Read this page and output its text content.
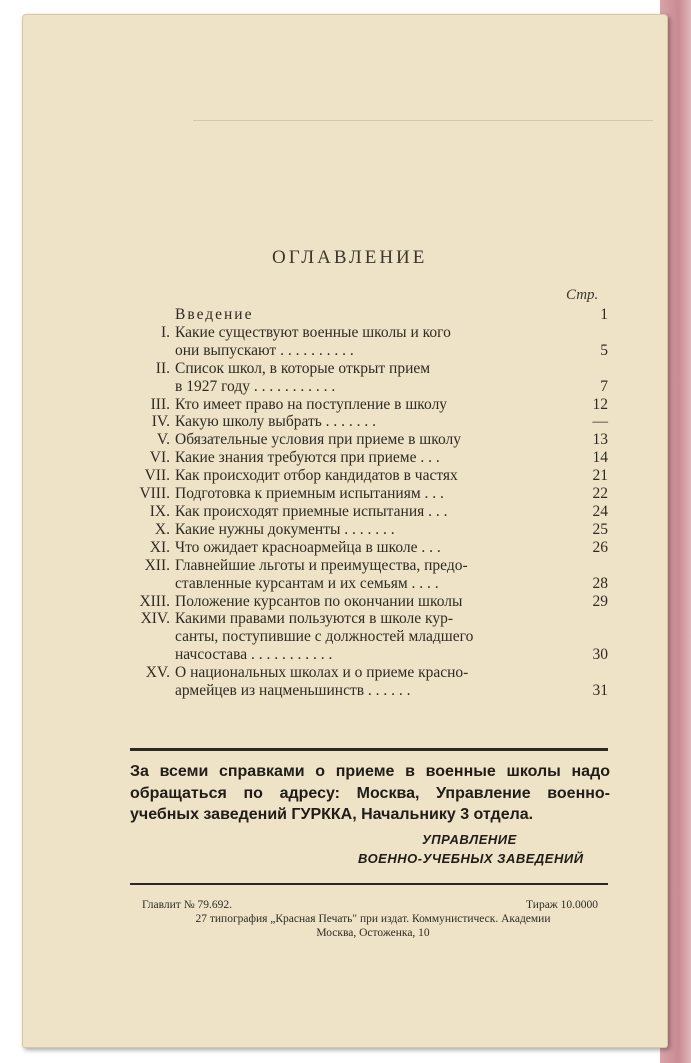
ОГЛАВЛЕНИЕ
Стр.
Введение	1
I. Какие существуют военные школы и кого
они выпускают . . . . . . . . . .	5
II. Список школ, в которые открыт прием
в 1927 году . . . . . . . . . . .	7
III. Кто имеет право на поступление в школу	12
IV. Какую школу выбрать . . . . . . .	—
V. Обязательные условия при приеме в школу	13
VI. Какие знания требуются при приеме . . .	14
VII. Как происходит отбор кандидатов в частях	21
VIII. Подготовка к приемным испытаниям . . .	22
IX. Как происходят приемные испытания . . .	24
X. Какие нужны документы . . . . . . .	25
XI. Что ожидает красноармейца в школе . . .	26
XII. Главнейшие льготы и преимущества, предо-
ставленные курсантам и их семьям . . . .	28
XIII. Положение курсантов по окончании школы	29
XIV. Какими правами пользуются в школе кур-
санты, поступившие с должностей младшего
начсостава . . . . . . . . . . .	30
XV. О национальных школах и о приеме красно-
армейцев из нацменьшинств . . . . . .	31
За всеми справками о приеме в военные школы надо обращаться по адресу: Москва, Управление военно-учебных заведений ГУРККА, Начальнику 3 отдела.
УПРАВЛЕНИЕ
ВОЕННО-УЧЕБНЫХ ЗАВЕДЕНИЙ
Главлит № 79.692.	Тираж 10.0000
27 типография „Красная Печать" при издат. Коммунистическ. Академии
Москва, Остоженка, 10
